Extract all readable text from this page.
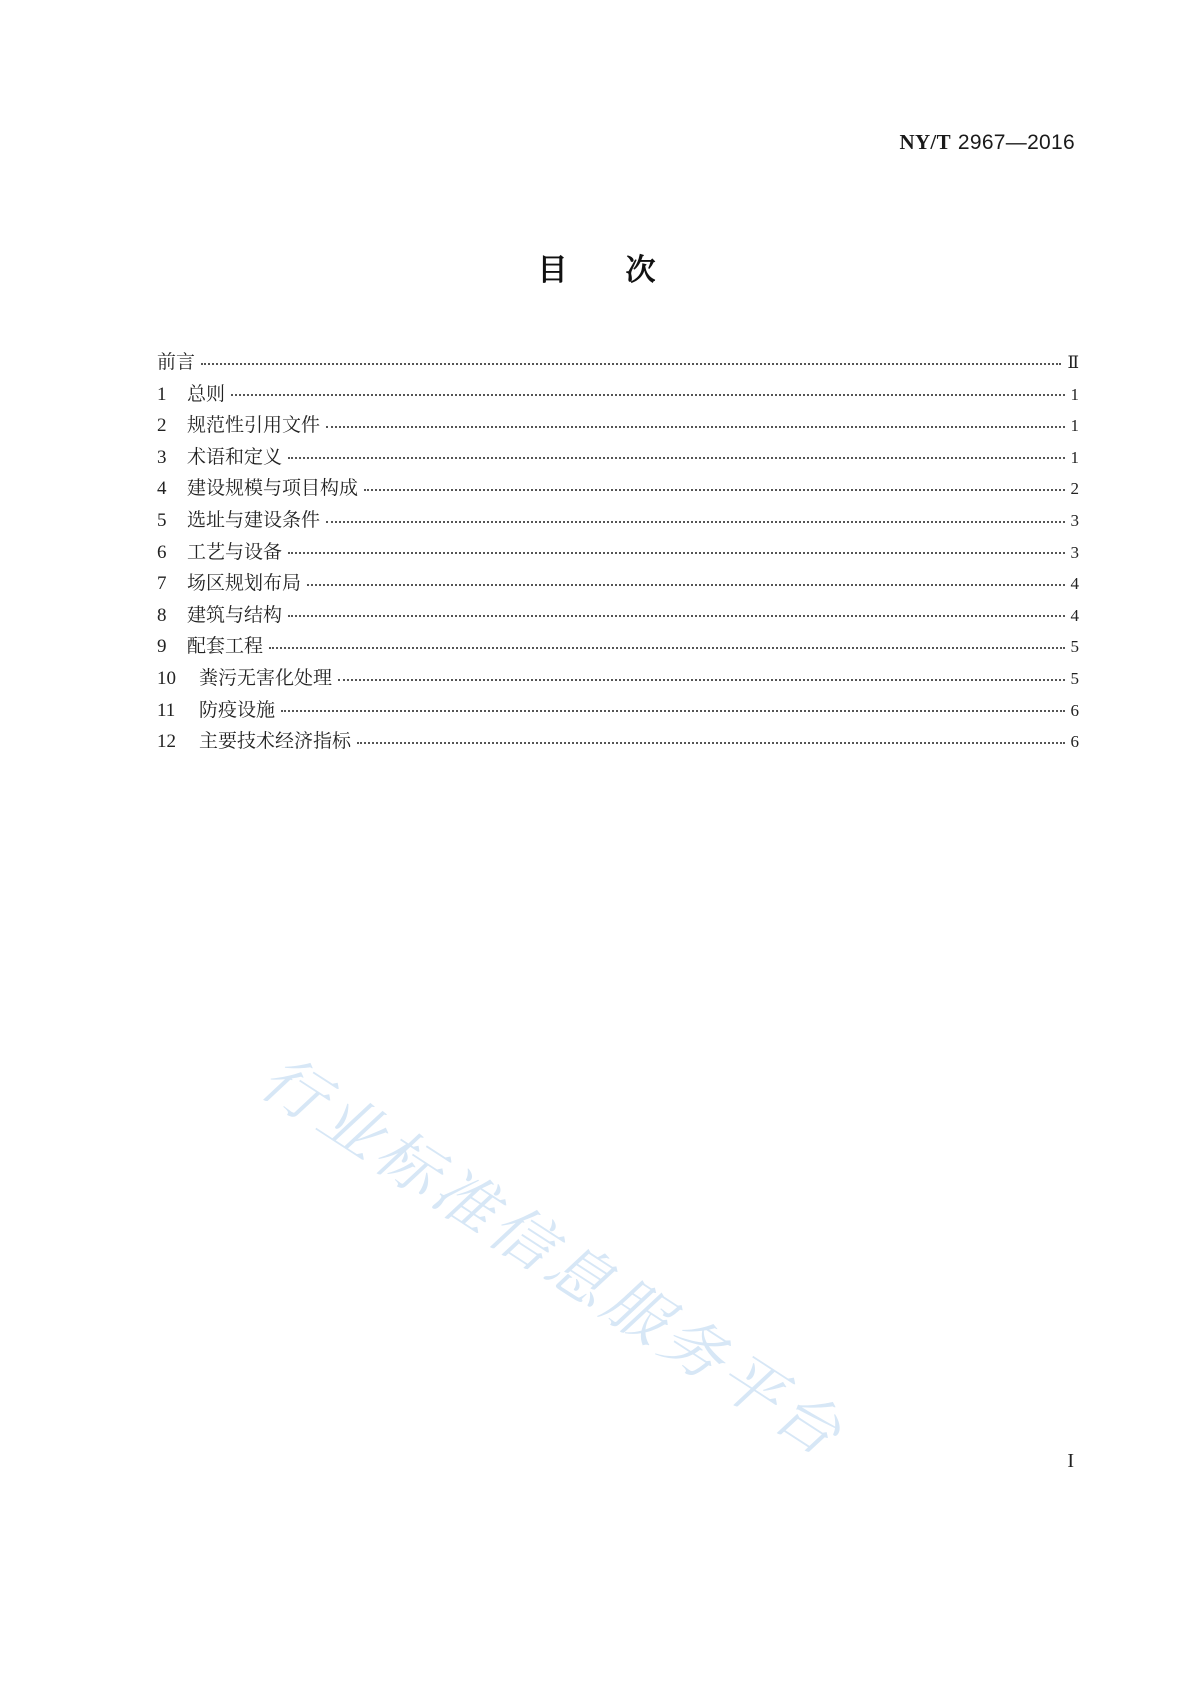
NY/T 2967—2016
目次
前言	Ⅱ
1	总则	1
2	规范性引用文件	1
3	术语和定义	1
4	建设规模与项目构成	2
5	选址与建设条件	3
6	工艺与设备	3
7	场区规划布局	4
8	建筑与结构	4
9	配套工程	5
10	粪污无害化处理	5
11	防疫设施	6
12	主要技术经济指标	6
行业标准信息服务平台	I
